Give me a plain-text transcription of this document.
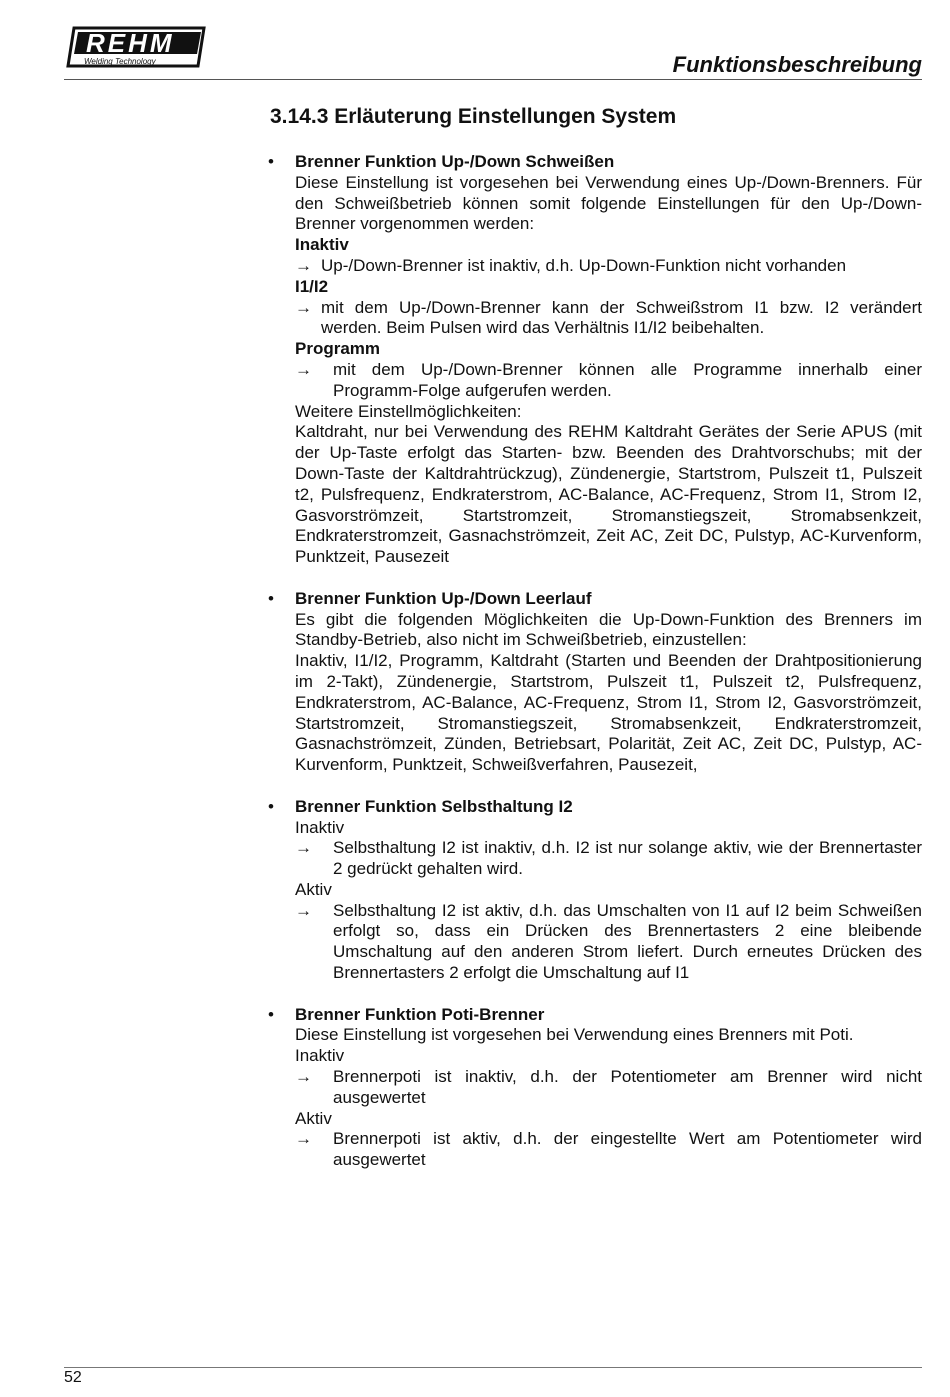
REHM
Welding Technology	Funktionsbeschreibung
3.14.3 Erläuterung Einstellungen System
• Brenner Funktion Up-/Down Schweißen
Diese Einstellung ist vorgesehen bei Verwendung eines Up-/Down-Brenners. Für den Schweißbetrieb können somit folgende Einstellungen für den Up-/Down-Brenner vorgenommen werden:
Inaktiv
→ Up-/Down-Brenner ist inaktiv, d.h. Up-Down-Funktion nicht vorhanden
I1/I2
→ mit dem Up-/Down-Brenner kann der Schweißstrom I1 bzw. I2 verändert werden. Beim Pulsen wird das Verhältnis I1/I2 beibehalten.
Programm
→ mit dem Up-/Down-Brenner können alle Programme innerhalb einer Programm-Folge aufgerufen werden.
Weitere Einstellmöglichkeiten:
Kaltdraht, nur bei Verwendung des REHM Kaltdraht Gerätes der Serie APUS (mit der Up-Taste erfolgt das Starten- bzw. Beenden des Drahtvorschubs; mit der Down-Taste der Kaltdrahtrückzug), Zündenergie, Startstrom, Pulszeit t1, Pulszeit t2, Pulsfrequenz, Endkraterstrom, AC-Balance, AC-Frequenz, Strom I1, Strom I2, Gasvorströmzeit, Startstromzeit, Stromanstiegszeit, Stromabsenkzeit, Endkraterstromzeit, Gasnachströmzeit, Zeit AC, Zeit DC, Pulstyp, AC-Kurvenform, Punktzeit, Pausezeit
• Brenner Funktion Up-/Down Leerlauf
Es gibt die folgenden Möglichkeiten die Up-Down-Funktion des Brenners im Standby-Betrieb, also nicht im Schweißbetrieb, einzustellen:
Inaktiv, I1/I2, Programm, Kaltdraht (Starten und Beenden der Drahtpositionierung im 2-Takt), Zündenergie, Startstrom, Pulszeit t1, Pulszeit t2, Pulsfrequenz, Endkraterstrom, AC-Balance, AC-Frequenz, Strom I1, Strom I2, Gasvorströmzeit, Startstromzeit, Stromanstiegszeit, Stromabsenkzeit, Endkraterstromzeit, Gasnachströmzeit, Zünden, Betriebsart, Polarität, Zeit AC, Zeit DC, Pulstyp, AC-Kurvenform, Punktzeit, Schweißverfahren, Pausezeit,
• Brenner Funktion Selbsthaltung I2
Inaktiv
→ Selbsthaltung I2 ist inaktiv, d.h. I2 ist nur solange aktiv, wie der Brennertaster 2 gedrückt gehalten wird.
Aktiv
→ Selbsthaltung I2 ist aktiv, d.h. das Umschalten von I1 auf I2 beim Schweißen erfolgt so, dass ein Drücken des Brennertasters 2 eine bleibende Umschaltung auf den anderen Strom liefert. Durch erneutes Drücken des Brennertasters 2 erfolgt die Umschaltung auf I1
• Brenner Funktion Poti-Brenner
Diese Einstellung ist vorgesehen bei Verwendung eines Brenners mit Poti.
Inaktiv
→ Brennerpoti ist inaktiv, d.h. der Potentiometer am Brenner wird nicht ausgewertet
Aktiv
→ Brennerpoti ist aktiv, d.h. der eingestellte Wert am Potentiometer wird ausgewertet
52
